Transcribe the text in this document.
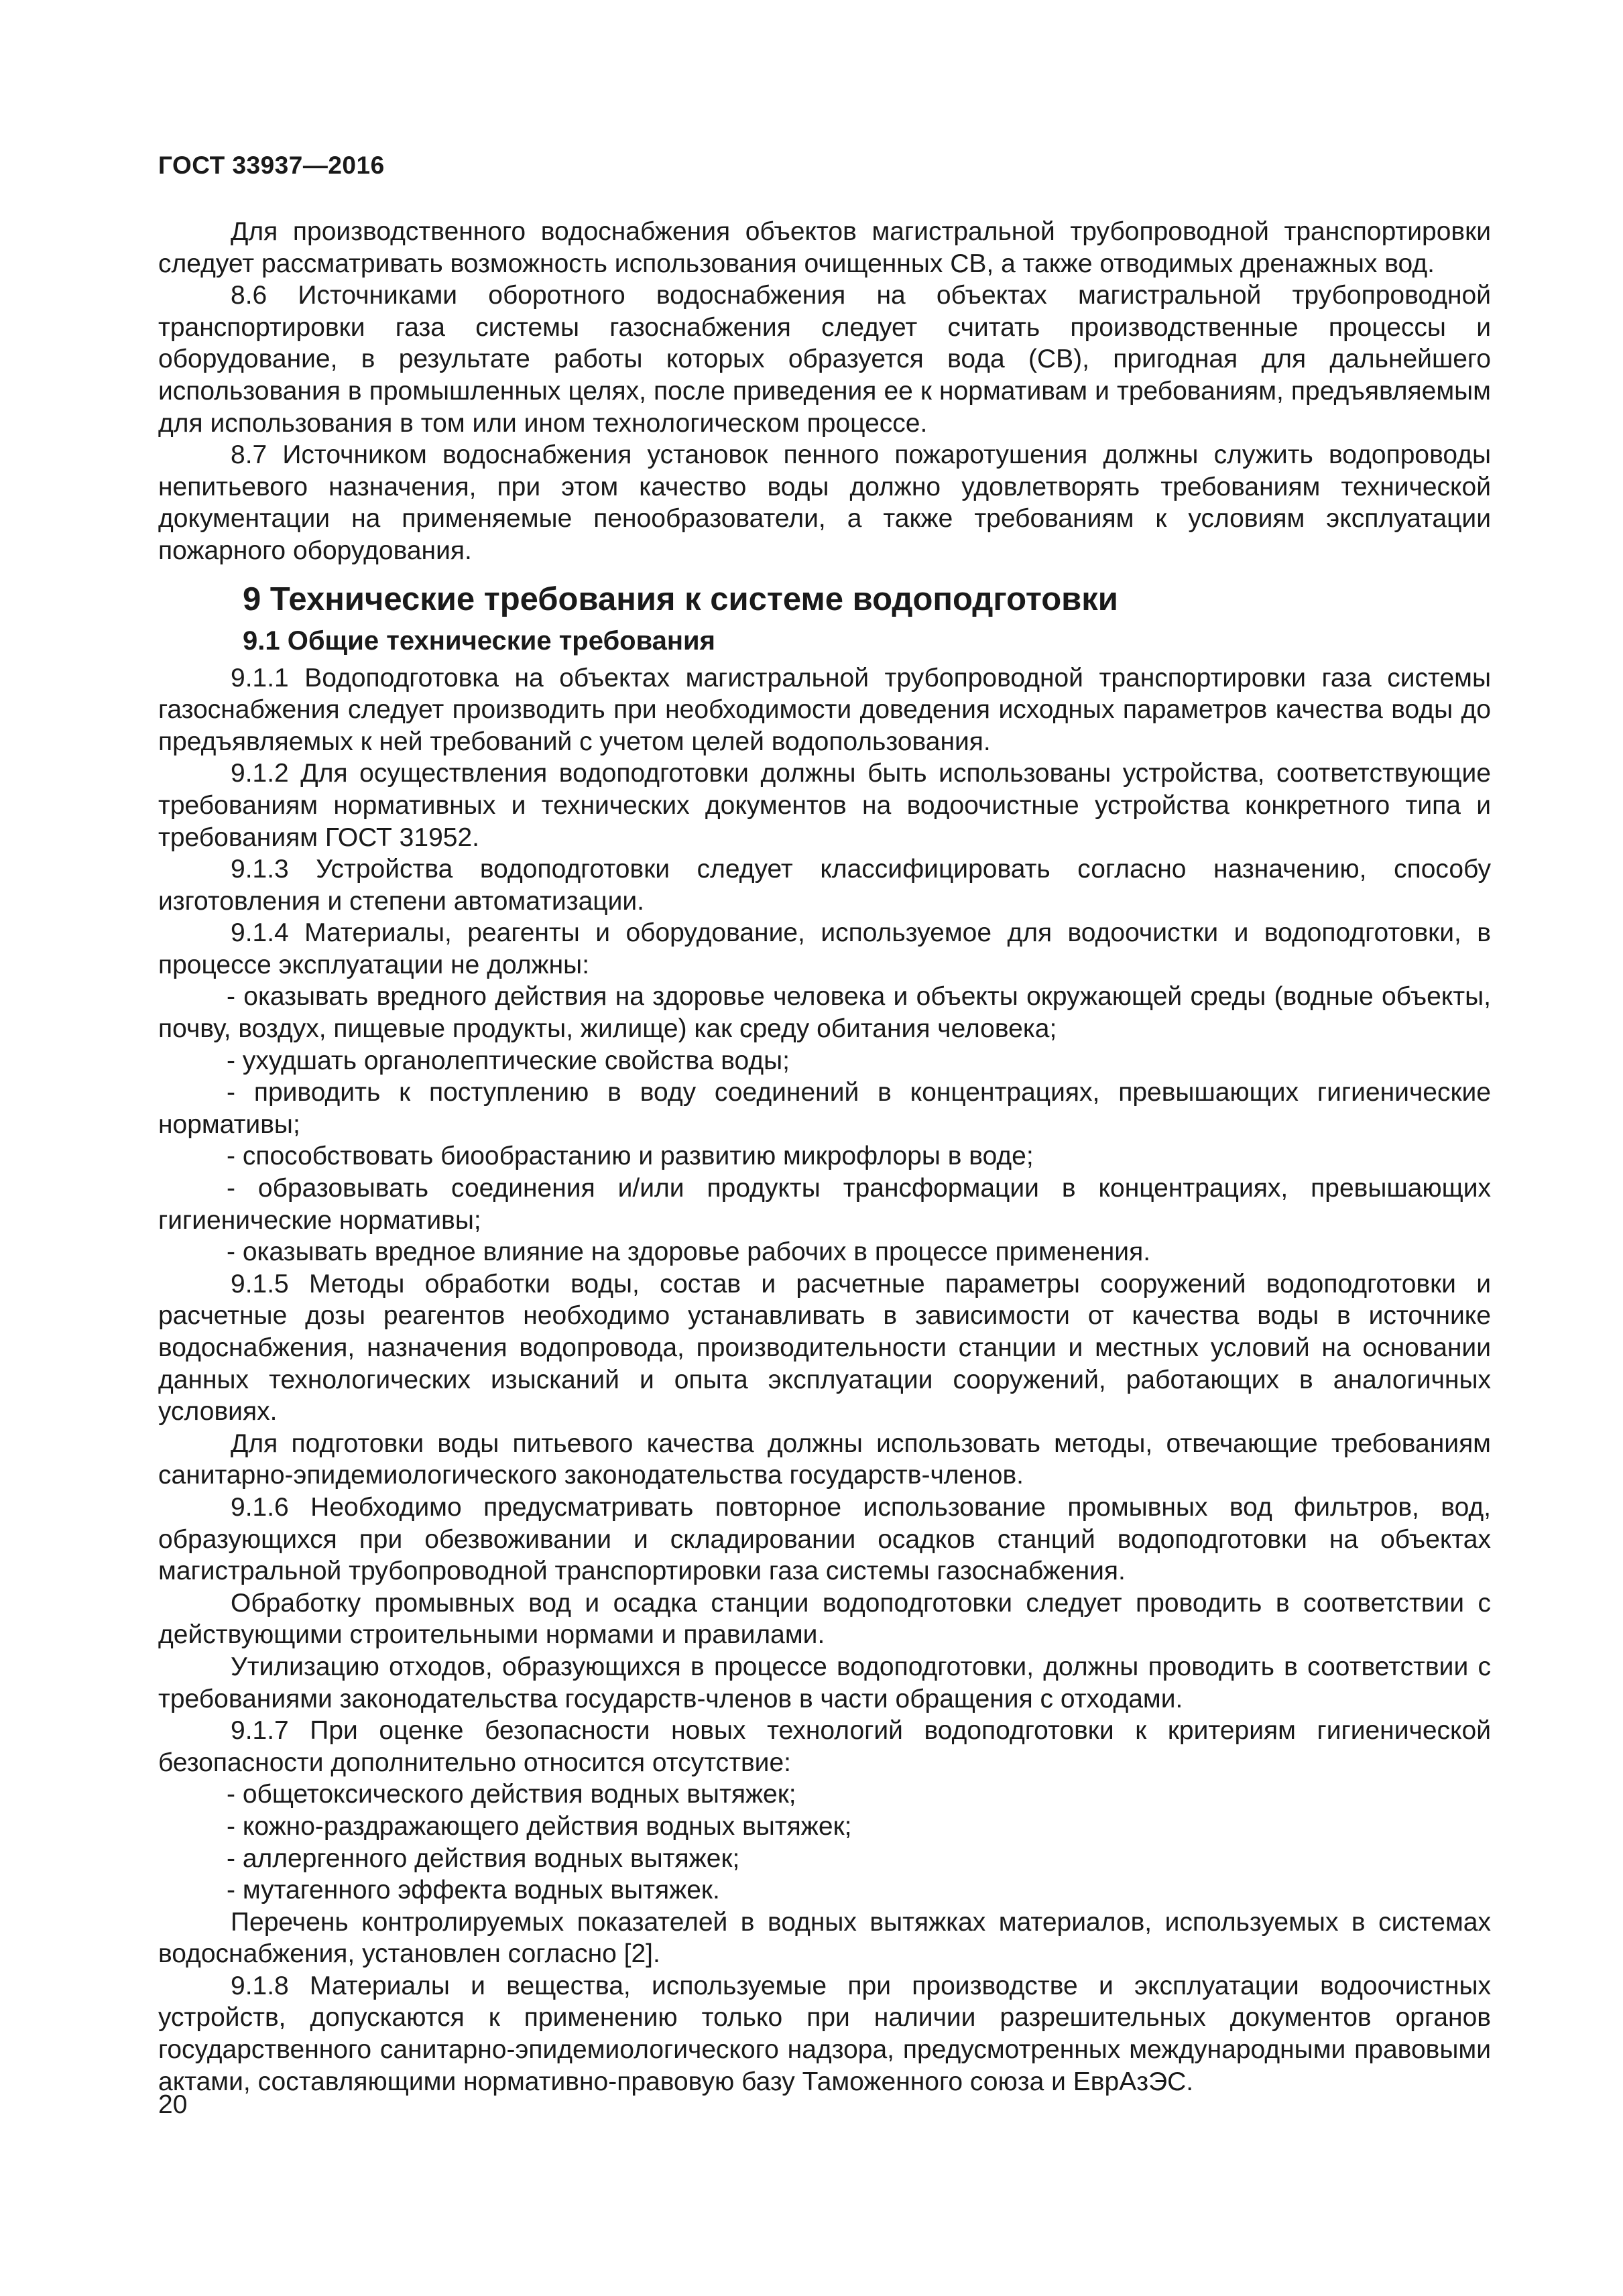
ГОСТ 33937—2016

Для производственного водоснабжения объектов магистральной трубопроводной транспортировки следует рассматривать возможность использования очищенных СВ, а также отводимых дренажных вод.

8.6 Источниками оборотного водоснабжения на объектах магистральной трубопроводной транспортировки газа системы газоснабжения следует считать производственные процессы и оборудование, в результате работы которых образуется вода (СВ), пригодная для дальнейшего использования в промышленных целях, после приведения ее к нормативам и требованиям, предъявляемым для использования в том или ином технологическом процессе.

8.7 Источником водоснабжения установок пенного пожаротушения должны служить водопроводы непитьевого назначения, при этом качество воды должно удовлетворять требованиям технической документации на применяемые пенообразователи, а также требованиям к условиям эксплуатации пожарного оборудования.

9 Технические требования к системе водоподготовки
9.1 Общие технические требования

9.1.1 Водоподготовка на объектах магистральной трубопроводной транспортировки газа системы газоснабжения следует производить при необходимости доведения исходных параметров качества воды до предъявляемых к ней требований с учетом целей водопользования.

9.1.2 Для осуществления водоподготовки должны быть использованы устройства, соответствующие требованиям нормативных и технических документов на водоочистные устройства конкретного типа и требованиям ГОСТ 31952.

9.1.3 Устройства водоподготовки следует классифицировать согласно назначению, способу изготовления и степени автоматизации.

9.1.4 Материалы, реагенты и оборудование, используемое для водоочистки и водоподготовки, в процессе эксплуатации не должны:

- оказывать вредного действия на здоровье человека и объекты окружающей среды (водные объекты, почву, воздух, пищевые продукты, жилище) как среду обитания человека;

- ухудшать органолептические свойства воды;

- приводить к поступлению в воду соединений в концентрациях, превышающих гигиенические нормативы;

- способствовать биообрастанию и развитию микрофлоры в воде;

- образовывать соединения и/или продукты трансформации в концентрациях, превышающих гигиенические нормативы;

- оказывать вредное влияние на здоровье рабочих в процессе применения.

9.1.5 Методы обработки воды, состав и расчетные параметры сооружений водоподготовки и расчетные дозы реагентов необходимо устанавливать в зависимости от качества воды в источнике водоснабжения, назначения водопровода, производительности станции и местных условий на основании данных технологических изысканий и опыта эксплуатации сооружений, работающих в аналогичных условиях.

Для подготовки воды питьевого качества должны использовать методы, отвечающие требованиям санитарно-эпидемиологического законодательства государств-членов.

9.1.6 Необходимо предусматривать повторное использование промывных вод фильтров, вод, образующихся при обезвоживании и складировании осадков станций водоподготовки на объектах магистральной трубопроводной транспортировки газа системы газоснабжения.

Обработку промывных вод и осадка станции водоподготовки следует проводить в соответствии с действующими строительными нормами и правилами.

Утилизацию отходов, образующихся в процессе водоподготовки, должны проводить в соответствии с требованиями законодательства государств-членов в части обращения с отходами.

9.1.7 При оценке безопасности новых технологий водоподготовки к критериям гигиенической безопасности дополнительно относится отсутствие:

- общетоксического действия водных вытяжек;

- кожно-раздражающего действия водных вытяжек;

- аллергенного действия водных вытяжек;

- мутагенного эффекта водных вытяжек.

Перечень контролируемых показателей в водных вытяжках материалов, используемых в системах водоснабжения, установлен согласно [2].

9.1.8 Материалы и вещества, используемые при производстве и эксплуатации водоочистных устройств, допускаются к применению только при наличии разрешительных документов органов государственного санитарно-эпидемиологического надзора, предусмотренных международными правовыми актами, составляющими нормативно-правовую базу Таможенного союза и ЕврАзЭС.

20
